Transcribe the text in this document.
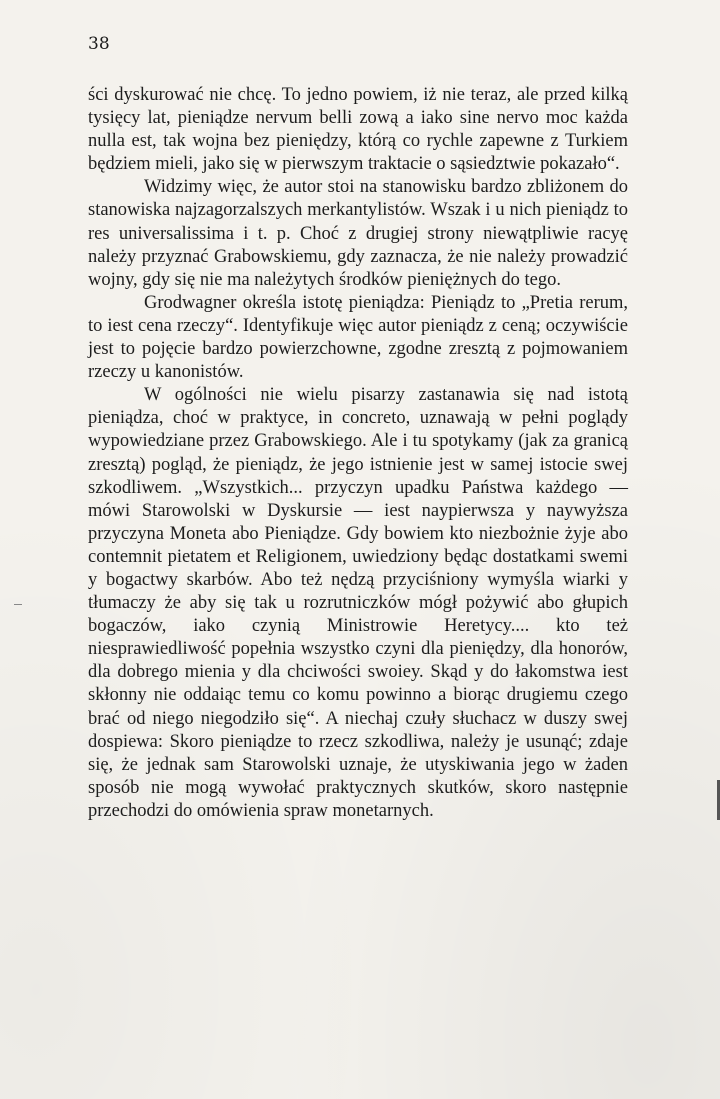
38

ści dyskurować nie chcę. To jedno powiem, iż nie teraz, ale przed kilką tysięcy lat, pieniądze nervum belli zową a iako sine nervo moc każda nulla est, tak wojna bez pieniędzy, którą co rychle zapewne z Turkiem będziem mieli, jako się w pierwszym traktacie o sąsiedztwie pokazało“.

Widzimy więc, że autor stoi na stanowisku bardzo zbliżonem do stanowiska najzagorzalszych merkantylistów. Wszak i u nich pieniądz to res universalissima i t. p. Choć z drugiej strony niewątpliwie racyę należy przyznać Grabowskiemu, gdy zaznacza, że nie należy prowadzić wojny, gdy się nie ma należytych środków pieniężnych do tego.

Grodwagner określa istotę pieniądza: Pieniądz to „Pretia rerum, to iest cena rzeczy“. Identyfikuje więc autor pieniądz z ceną; oczywiście jest to pojęcie bardzo powierzchowne, zgodne zresztą z pojmowaniem rzeczy u kanonistów.

W ogólności nie wielu pisarzy zastanawia się nad istotą pieniądza, choć w praktyce, in concreto, uznawają w pełni poglądy wypowiedziane przez Grabowskiego. Ale i tu spotykamy (jak za granicą zresztą) pogląd, że pieniądz, że jego istnienie jest w samej istocie swej szkodliwem. „Wszystkich... przyczyn upadku Państwa każdego — mówi Starowolski w Dyskursie — iest naypierwsza y naywyższa przyczyna Moneta abo Pieniądze. Gdy bowiem kto niezbożnie żyje abo contemnit pietatem et Religionem, uwiedziony będąc dostatkami swemi y bogactwy skarbów. Abo też nędzą przyciśniony wymyśla wiarki y tłumaczy że aby się tak u rozrutniczków mógł pożywić abo głupich bogaczów, iako czynią Ministrowie Heretycy.... kto też niesprawiedliwość popełnia wszystko czyni dla pieniędzy, dla honorów, dla dobrego mienia y dla chciwości swoiey. Skąd y do łakomstwa iest skłonny nie oddaiąc temu co komu powinno a biorąc drugiemu czego brać od niego niegodziło się“. A niechaj czuły słuchacz w duszy swej dospiewa: Skoro pieniądze to rzecz szkodliwa, należy je usunąć; zdaje się, że jednak sam Starowolski uznaje, że utyskiwania jego w żaden sposób nie mogą wywołać praktycznych skutków, skoro następnie przechodzi do omówienia spraw monetarnych.
